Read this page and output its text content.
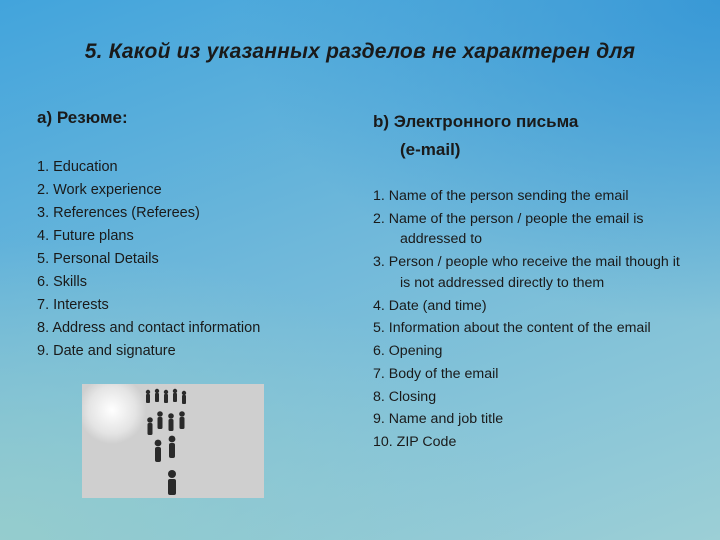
5. Какой из указанных разделов не характерен для
a) Резюме:	b) Электронного письма
(e-mail)
1. Education
2. Work experience
3. References (Referees)
4. Future plans
5. Personal Details
6. Skills
7. Interests
8. Address and contact information
9. Date and signature
1. Name of the person sending the email
2. Name of the person / people the email is addressed to
3. Person / people who receive the mail though it is not addressed directly to them
4. Date (and time)
5. Information about the content of the email
6. Opening
7. Body of the email
8. Closing
9. Name and job title
10. ZIP Code
